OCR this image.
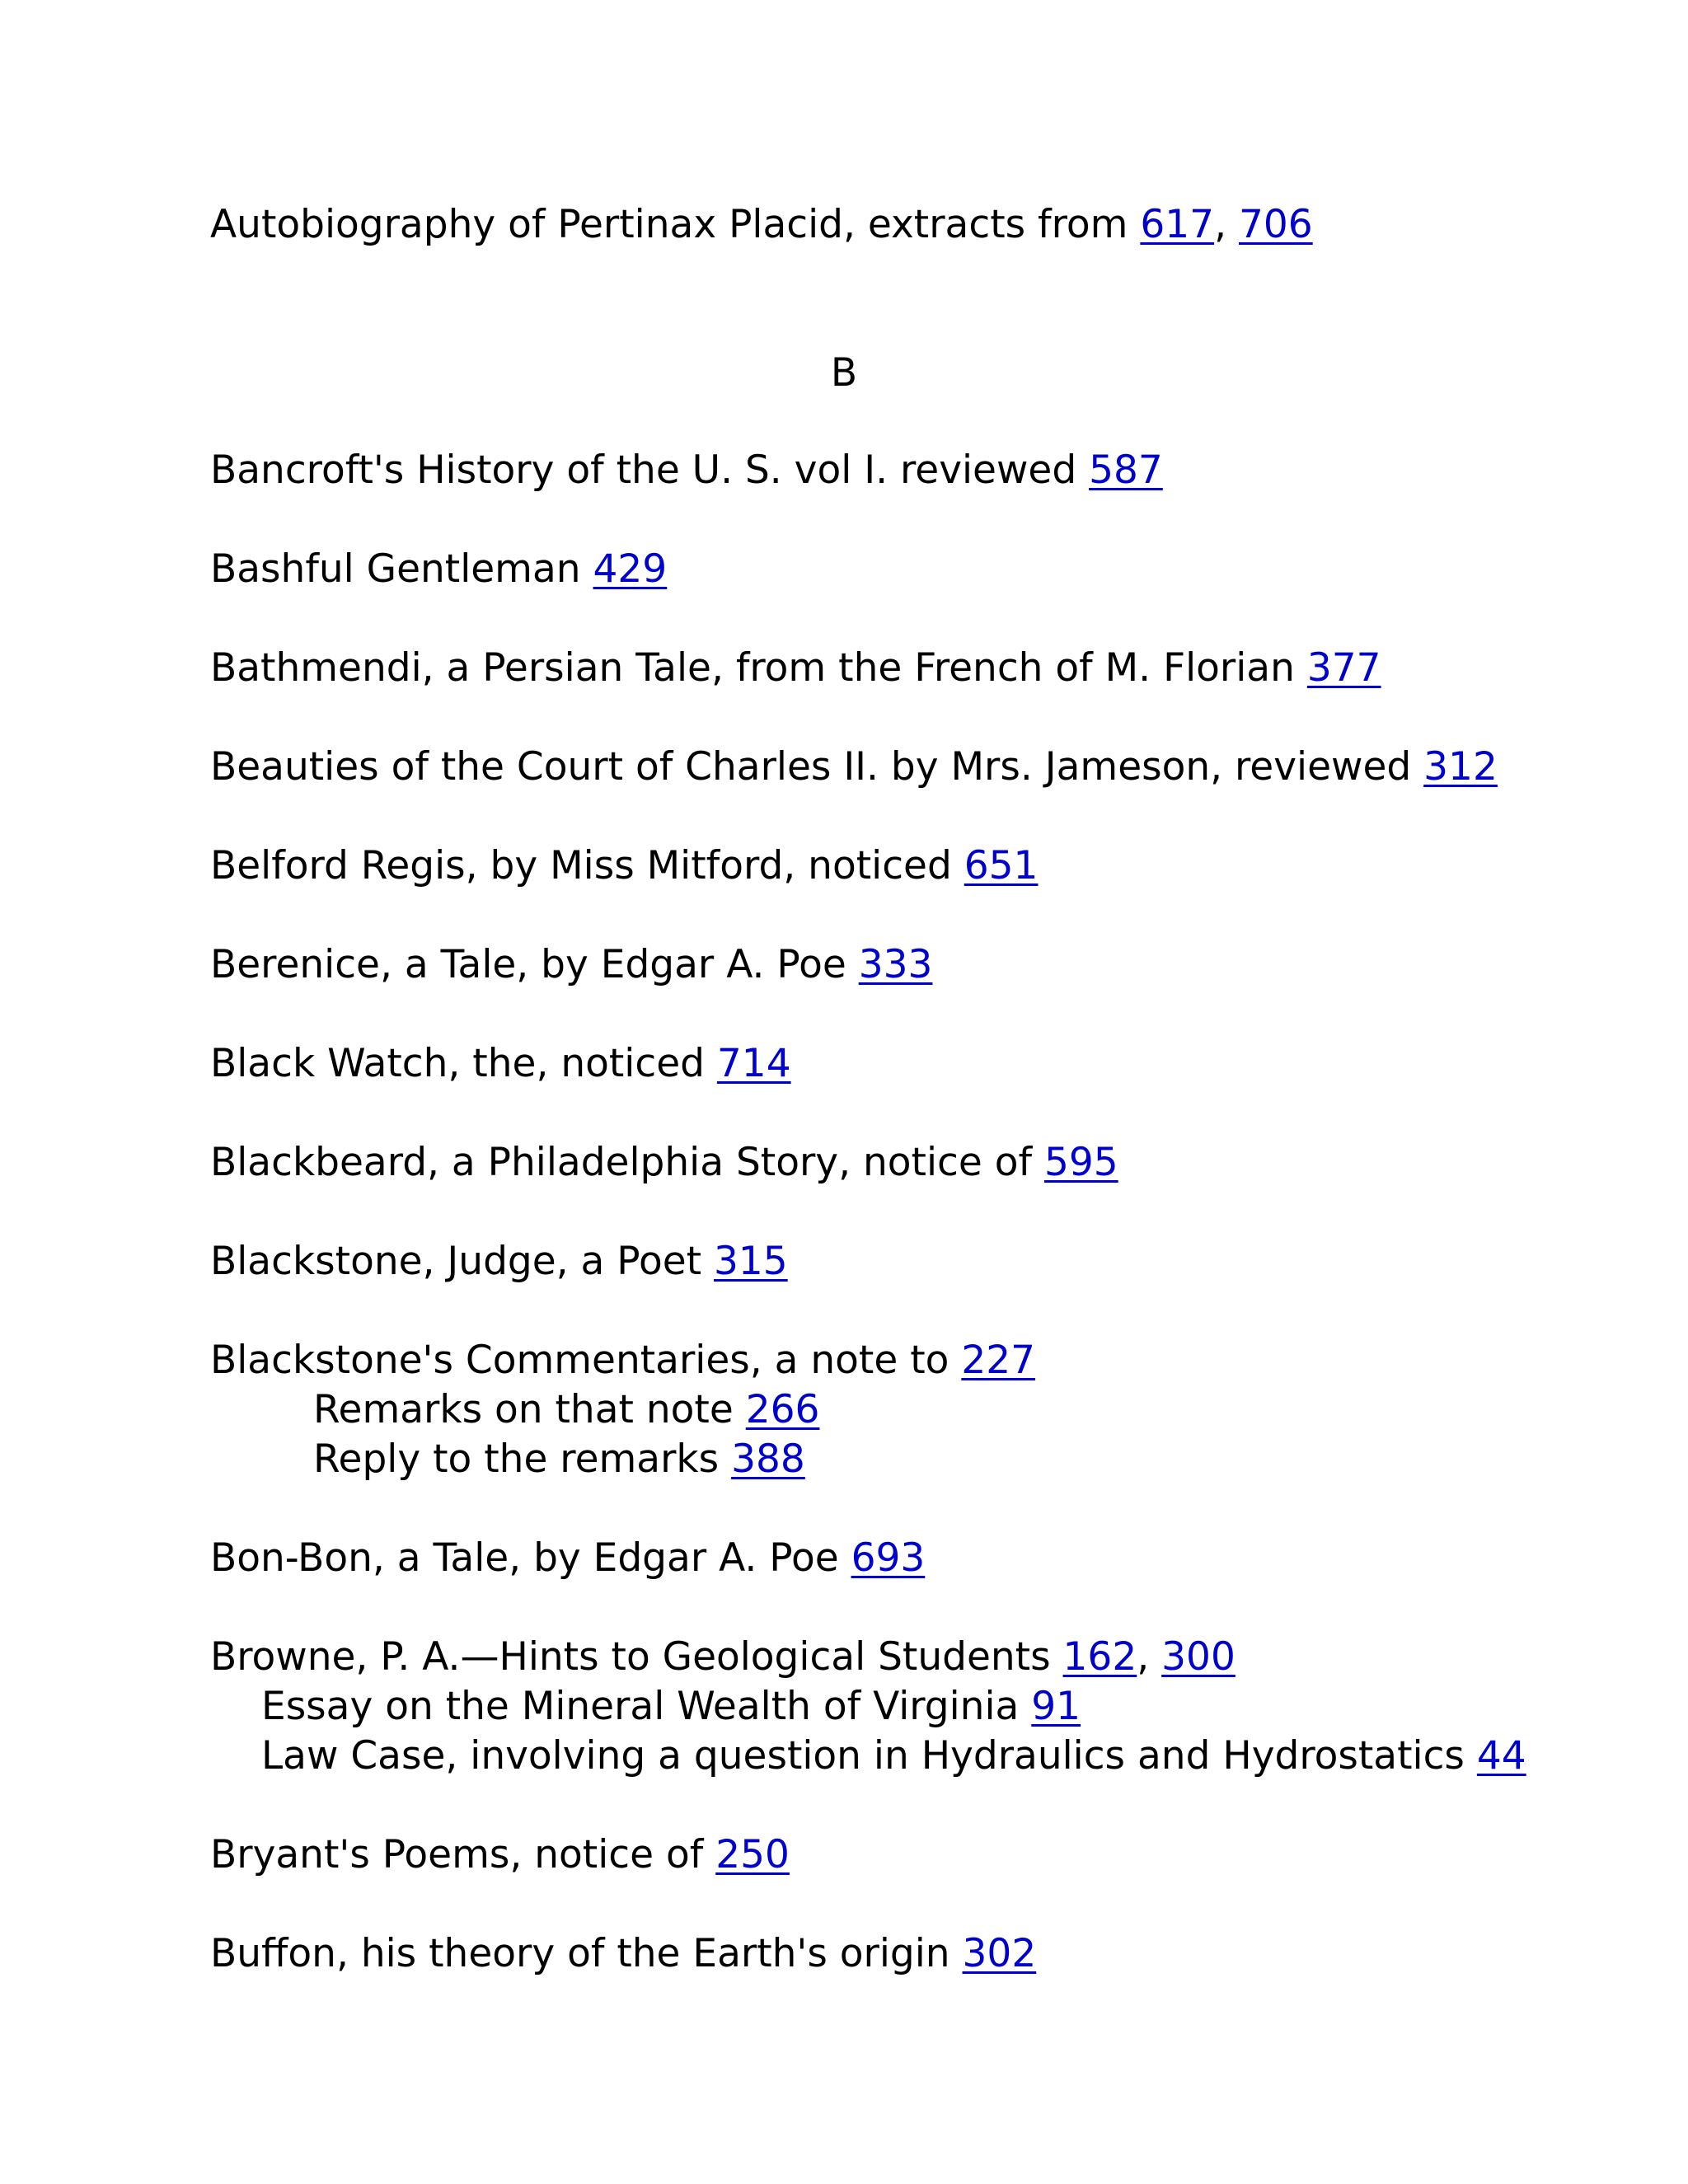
Autobiography of Pertinax Placid, extracts from 617, 706
B
Bancroft's History of the U. S. vol I. reviewed 587
Bashful Gentleman 429
Bathmendi, a Persian Tale, from the French of M. Florian 377
Beauties of the Court of Charles II. by Mrs. Jameson, reviewed 312
Belford Regis, by Miss Mitford, noticed 651
Berenice, a Tale, by Edgar A. Poe 333
Black Watch, the, noticed 714
Blackbeard, a Philadelphia Story, notice of 595
Blackstone, Judge, a Poet 315
Blackstone's Commentaries, a note to 227
Remarks on that note 266
Reply to the remarks 388
Bon-Bon, a Tale, by Edgar A. Poe 693
Browne, P. A.—Hints to Geological Students 162, 300
Essay on the Mineral Wealth of Virginia 91
Law Case, involving a question in Hydraulics and Hydrostatics 44
Bryant's Poems, notice of 250
Buffon, his theory of the Earth's origin 302
